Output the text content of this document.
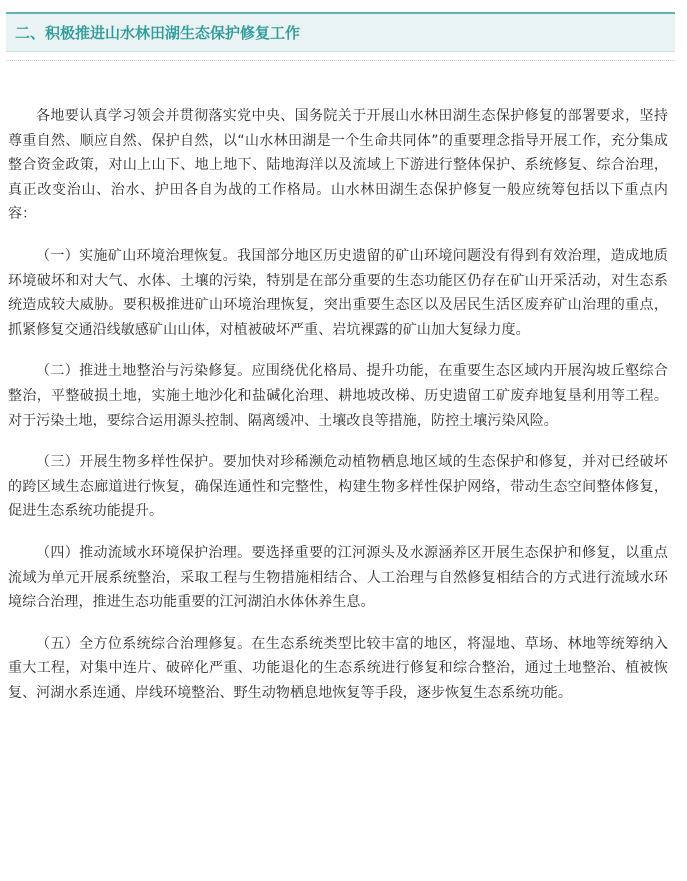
二、积极推进山水林田湖生态保护修复工作

各地要认真学习领会并贯彻落实党中央、国务院关于开展山水林田湖生态保护修复的部署要求，坚持尊重自然、顺应自然、保护自然，以“山水林田湖是一个生命共同体”的重要理念指导开展工作，充分集成整合资金政策，对山上山下、地上地下、陆地海洋以及流域上下游进行整体保护、系统修复、综合治理，真正改变治山、治水、护田各自为战的工作格局。山水林田湖生态保护修复一般应统筹包括以下重点内容：

（一）实施矿山环境治理恢复。我国部分地区历史遗留的矿山环境问题没有得到有效治理，造成地质环境破坏和对大气、水体、土壤的污染，特别是在部分重要的生态功能区仍存在矿山开采活动，对生态系统造成较大威胁。要积极推进矿山环境治理恢复，突出重要生态区以及居民生活区废弃矿山治理的重点，抓紧修复交通沿线敏感矿山山体，对植被破坏严重、岩坑裸露的矿山加大复绿力度。

（二）推进土地整治与污染修复。应围绕优化格局、提升功能，在重要生态区域内开展沟坡丘壑综合整治，平整破损土地，实施土地沙化和盐碱化治理、耕地坡改梯、历史遗留工矿废弃地复垦利用等工程。对于污染土地，要综合运用源头控制、隔离缓冲、土壤改良等措施，防控土壤污染风险。

（三）开展生物多样性保护。要加快对珍稀濒危动植物栖息地区域的生态保护和修复，并对已经破坏的跨区域生态廊道进行恢复，确保连通性和完整性，构建生物多样性保护网络，带动生态空间整体修复，促进生态系统功能提升。

（四）推动流域水环境保护治理。要选择重要的江河源头及水源涵养区开展生态保护和修复，以重点流域为单元开展系统整治，采取工程与生物措施相结合、人工治理与自然修复相结合的方式进行流域水环境综合治理，推进生态功能重要的江河湖泊水体休养生息。

（五）全方位系统综合治理修复。在生态系统类型比较丰富的地区，将湿地、草场、林地等统筹纳入重大工程，对集中连片、破碎化严重、功能退化的生态系统进行修复和综合整治，通过土地整治、植被恢复、河湖水系连通、岸线环境整治、野生动物栖息地恢复等手段，逐步恢复生态系统功能。
